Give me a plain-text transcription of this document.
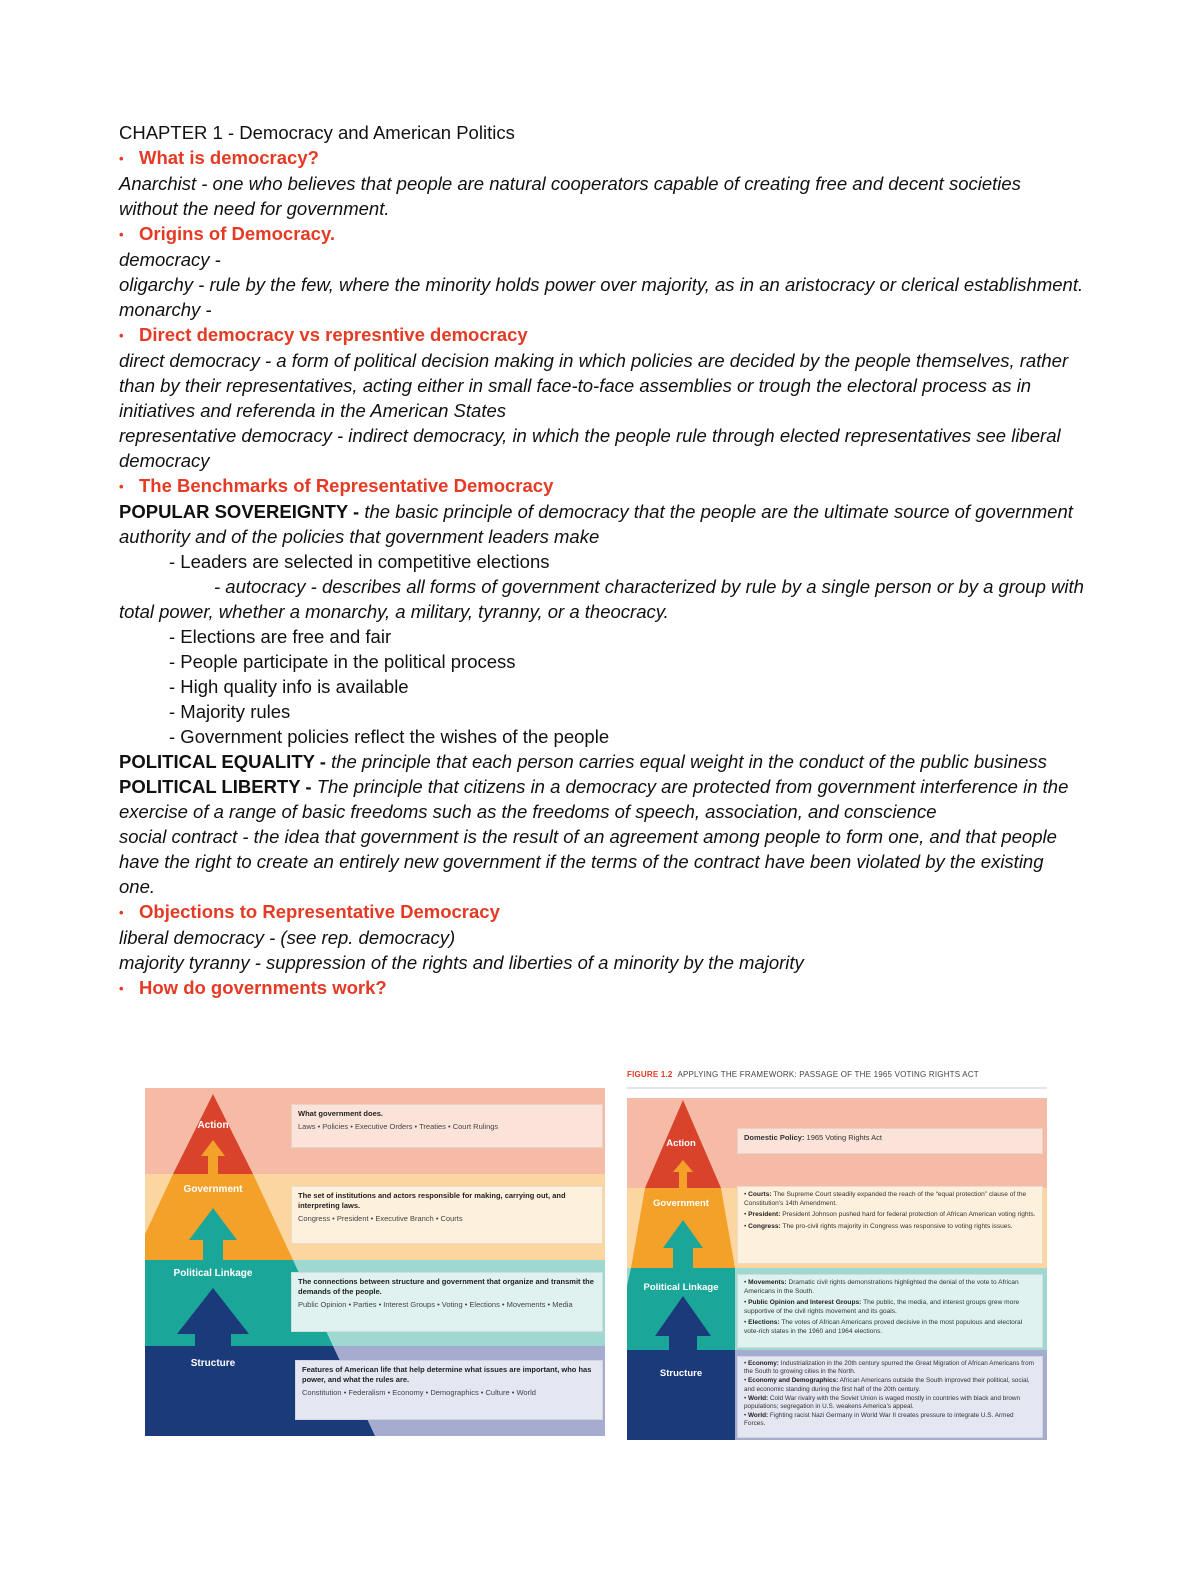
CHAPTER 1 - Democracy and American Politics

• What is democracy?

Anarchist - one who believes that people are natural cooperators capable of creating free and decent societies without the need for government.

• Origins of Democracy.

democracy -

oligarchy - rule by the few, where the minority holds power over majority, as in an aristocracy or clerical establishment.

monarchy -

• Direct democracy vs represntive democracy

direct democracy - a form of political decision making in which policies are decided by the people themselves, rather than by their representatives, acting either in small face-to-face assemblies or trough the electoral process as in initiatives and referenda in the American States

representative democracy - indirect democracy, in which the people rule through elected representatives see liberal democracy

• The Benchmarks of Representative Democracy

POPULAR SOVEREIGNTY - the basic principle of democracy that the people are the ultimate source of government authority and of the policies that government leaders make

- Leaders are selected in competitive elections

- autocracy - describes all forms of government characterized by rule by a single person or by a group with total power, whether a monarchy, a military, tyranny, or a theocracy.

- Elections are free and fair

- People participate in the political process

- High quality info is available

- Majority rules

- Government policies reflect the wishes of the people

POLITICAL EQUALITY - the principle that each person carries equal weight in the conduct of the public business

POLITICAL LIBERTY - The principle that citizens in a democracy are protected from government interference in the exercise of a range of basic freedoms such as the freedoms of speech, association, and conscience

social contract - the idea that government is the result of an agreement among people to form one, and that people have the right to create an entirely new government if the terms of the contract have been violated by the existing one.

• Objections to Representative Democracy

liberal democracy - (see rep. democracy)

majority tyranny - suppression of the rights and liberties of a minority by the majority

• How do governments work?

Action
Government
Political Linkage
Structure
What government does.
Laws • Policies • Executive Orders • Treaties • Court Rulings
The set of institutions and actors responsible for making, carrying out, and interpreting laws.
Congress • President • Executive Branch • Courts
The connections between structure and government that organize and transmit the demands of the people.
Public Opinion • Parties • Interest Groups • Voting • Elections • Movements • Media
Features of American life that help determine what issues are important, who has power, and what the rules are.
Constitution • Federalism • Economy • Demographics • Culture • World
FIGURE 1.2 APPLYING THE FRAMEWORK: PASSAGE OF THE 1965 VOTING RIGHTS ACT
Action
Government
Political Linkage
Structure
Domestic Policy: 1965 Voting Rights Act
• Courts: The Supreme Court steadily expanded the reach of the “equal protection” clause of the Constitution’s 14th Amendment.
• President: President Johnson pushed hard for federal protection of African American voting rights.
• Congress: The pro-civil rights majority in Congress was responsive to voting rights issues.
• Movements: Dramatic civil rights demonstrations highlighted the denial of the vote to African Americans in the South.
• Public Opinion and Interest Groups: The public, the media, and interest groups grew more supportive of the civil rights movement and its goals.
• Elections: The votes of African Americans proved decisive in the most populous and electoral vote-rich states in the 1960 and 1964 elections.
• Economy: Industrialization in the 20th century spurred the Great Migration of African Americans from the South to growing cities in the North.
• Economy and Demographics: African Americans outside the South improved their political, social, and economic standing during the first half of the 20th century.
• World: Cold War rivalry with the Soviet Union is waged mostly in countries with black and brown populations; segregation in U.S. weakens America’s appeal.
• World: Fighting racist Nazi Germany in World War II creates pressure to integrate U.S. Armed Forces.
